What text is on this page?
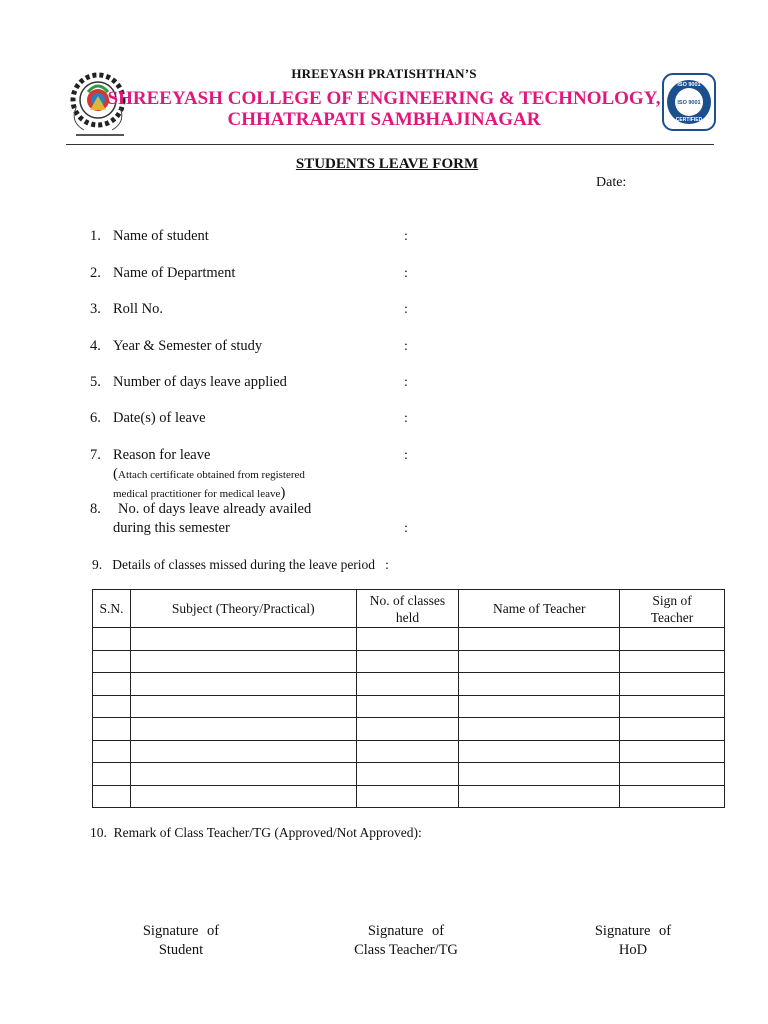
HREEYASH PRATISHTHAN’S
SHREEYASH COLLEGE OF ENGINEERING & TECHNOLOGY,
CHHATRAPATI SAMBHAJINAGAR
ISO 9001
ISO 9001
CERTIFIED
STUDENTS LEAVE FORM
Date:
1. Name of student	:
2. Name of Department	:
3. Roll No.	:
4. Year & Semester of study	:
5. Number of days leave applied	:
6. Date(s) of leave	:
7. Reason for leave	:
(Attach certificate obtained from registered
medical practitioner for medical leave)
8. No. of days leave already availed
during this semester	:
9.   Details of classes missed during the leave period   :
S.N.	Subject (Theory/Practical)	No. of classes held	Name of Teacher	Sign of Teacher

10.  Remark of Class Teacher/TG (Approved/Not Approved):
Signature of
Student
Signature of
Class Teacher/TG
Signature of
HoD
